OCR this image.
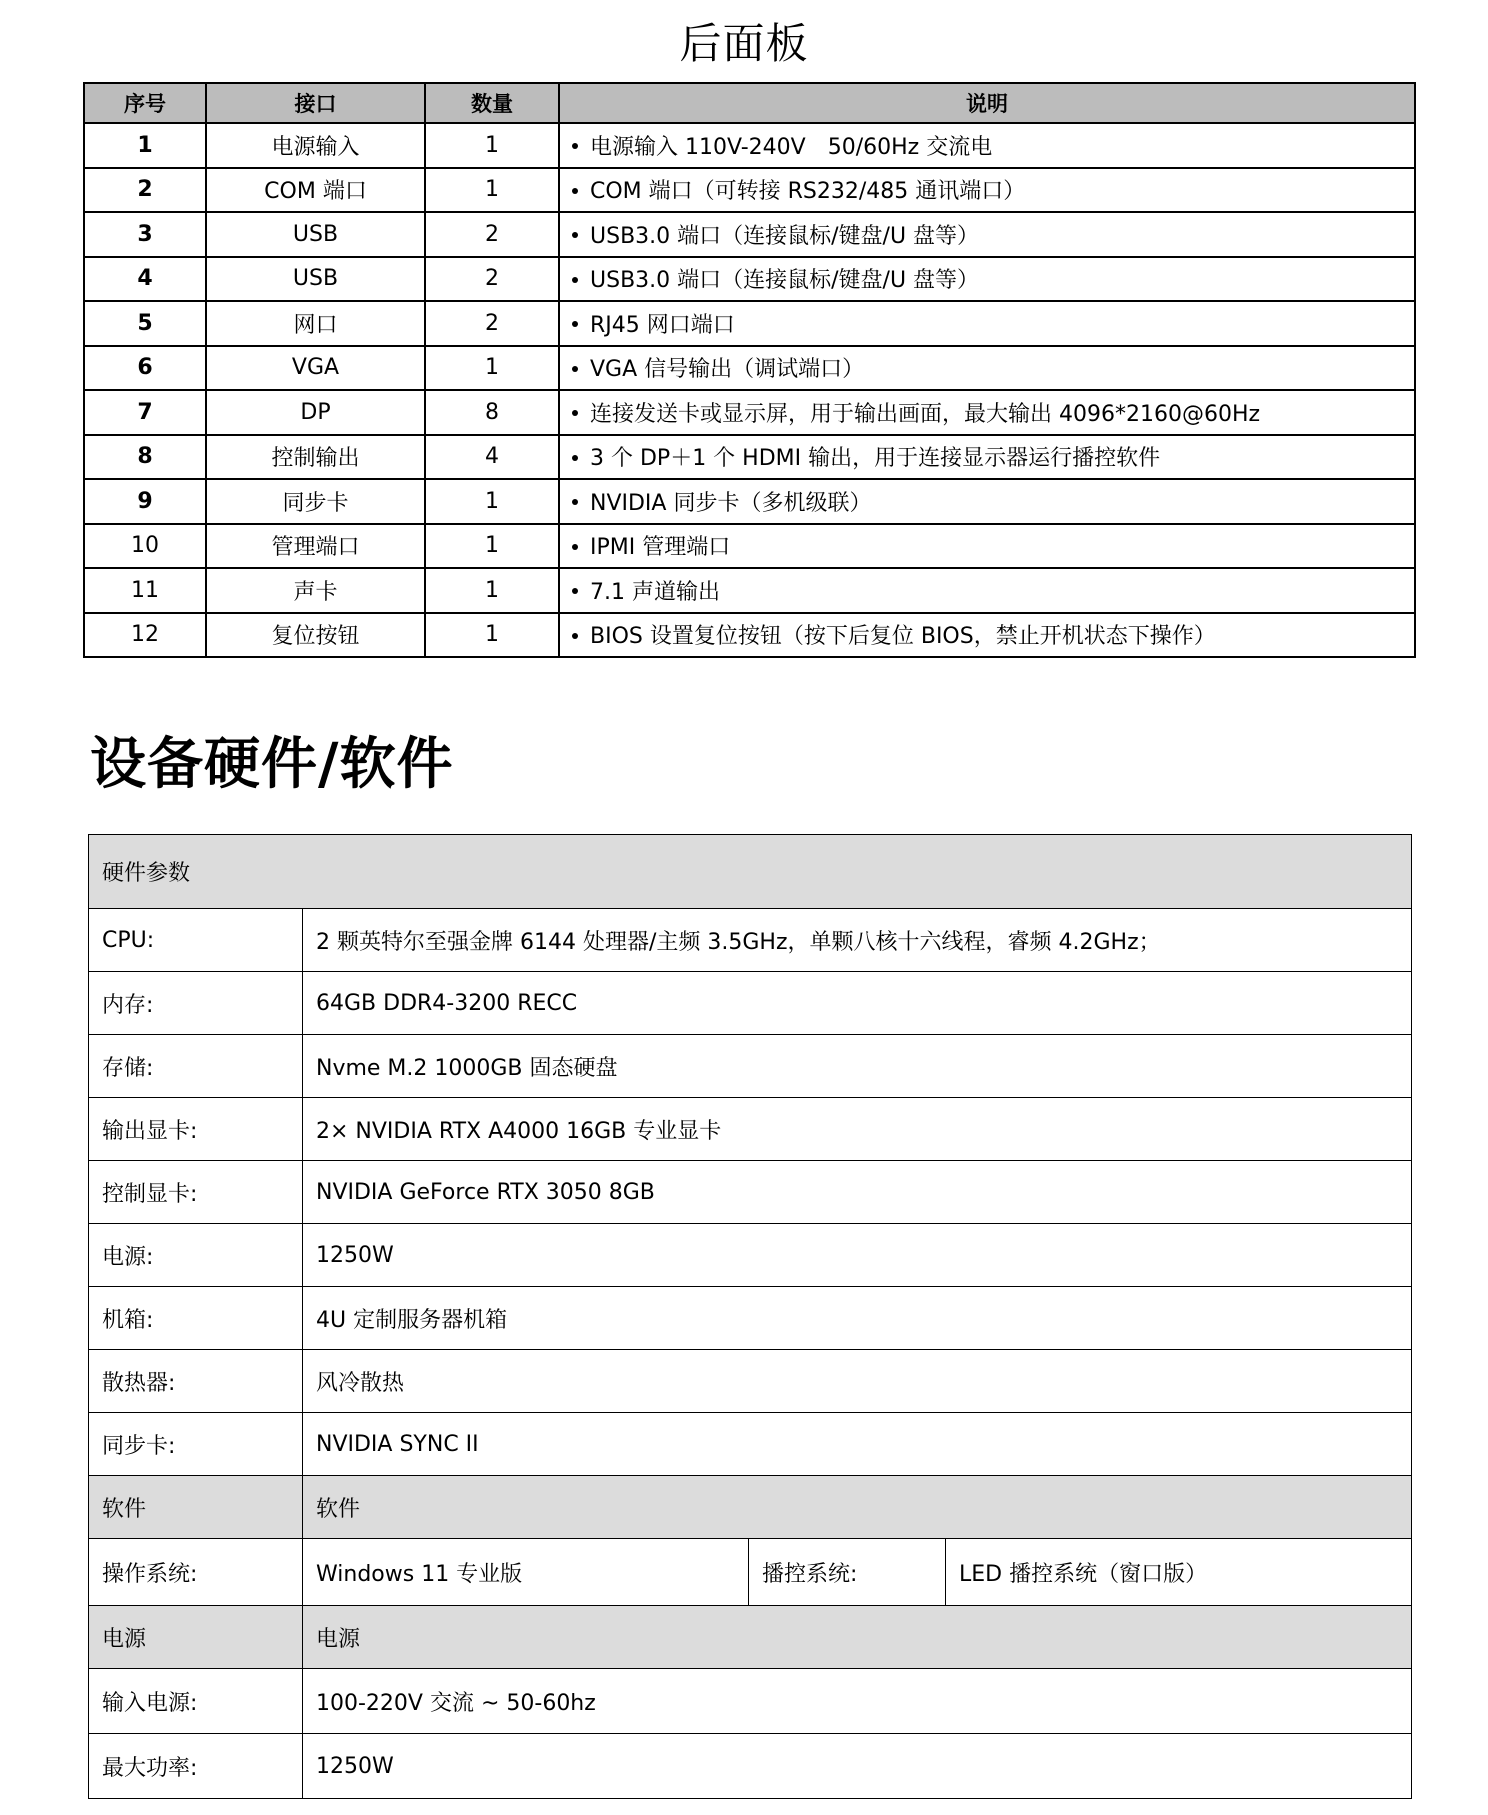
后面板
序号	接口	数量	说明
1	电源输入	1	电源输入 110V-240V　50/60Hz 交流电
2	COM 端口	1	COM 端口（可转接 RS232/485 通讯端口）
3	USB	2	USB3.0 端口（连接鼠标/键盘/U 盘等）
4	USB	2	USB3.0 端口（连接鼠标/键盘/U 盘等）
5	网口	2	RJ45 网口端口
6	VGA	1	VGA 信号输出（调试端口）
7	DP	8	连接发送卡或显示屏，用于输出画面，最大输出 4096*2160@60Hz
8	控制输出	4	3 个 DP＋1 个 HDMI 输出，用于连接显示器运行播控软件
9	同步卡	1	NVIDIA 同步卡（多机级联）
10	管理端口	1	IPMI 管理端口
11	声卡	1	7.1 声道输出
12	复位按钮	1	BIOS 设置复位按钮（按下后复位 BIOS，禁止开机状态下操作）
设备硬件/软件
硬件参数			
CPU:	2 颗英特尔至强金牌 6144 处理器/主频 3.5GHz，单颗八核十六线程，睿频 4.2GHz；		
内存:	64GB DDR4-3200 RECC		
存储:	Nvme M.2 1000GB 固态硬盘		
输出显卡:	2× NVIDIA RTX A4000 16GB 专业显卡		
控制显卡:	NVIDIA GeForce RTX 3050 8GB		
电源:	1250W		
机箱:	4U 定制服务器机箱		
散热器:	风冷散热		
同步卡:	NVIDIA SYNC II		
软件	软件		
操作系统:	Windows 11 专业版	播控系统:	LED 播控系统（窗口版）
电源	电源		
输入电源:	100-220V 交流 ~ 50-60hz		
最大功率:	1250W		
